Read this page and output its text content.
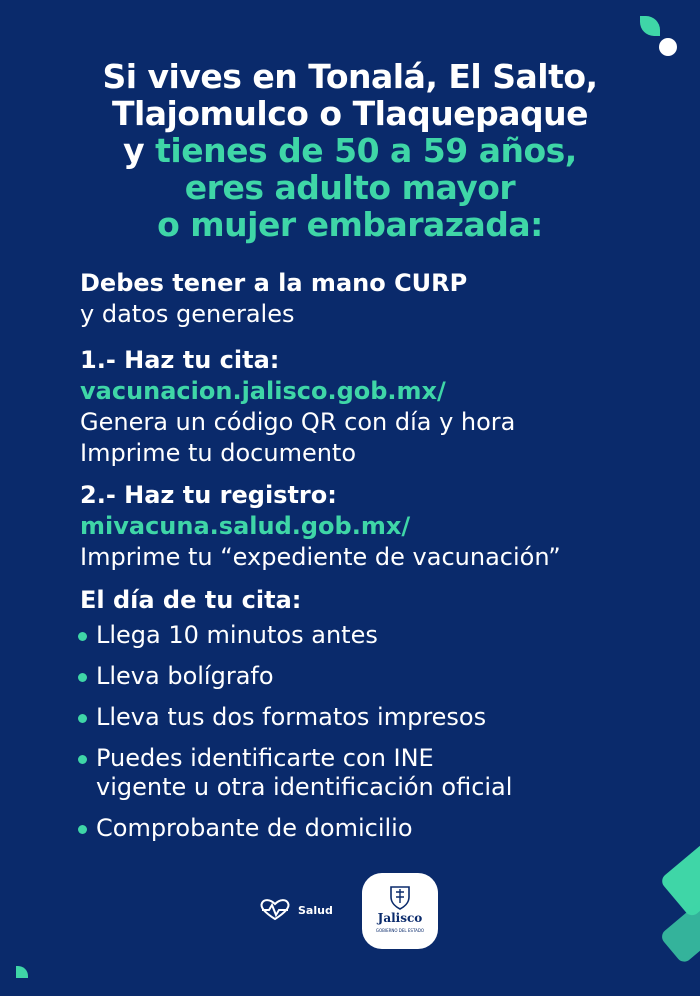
Si vives en Tonalá, El Salto,
Tlajomulco o Tlaquepaque
y tienes de 50 a 59 años,
eres adulto mayor
o mujer embarazada:
Debes tener a la mano CURP
y datos generales
1.- Haz tu cita:
vacunacion.jalisco.gob.mx/
Genera un código QR con día y hora
Imprime tu documento
2.- Haz tu registro:
mivacuna.salud.gob.mx/
Imprime tu “expediente de vacunación”
El día de tu cita:
Llega 10 minutos antes
Lleva bolígrafo
Lleva tus dos formatos impresos
Puedes identificarte con INE
vigente u otra identificación oficial
Comprobante de domicilio
Salud
Jalisco
GOBIERNO DEL ESTADO
